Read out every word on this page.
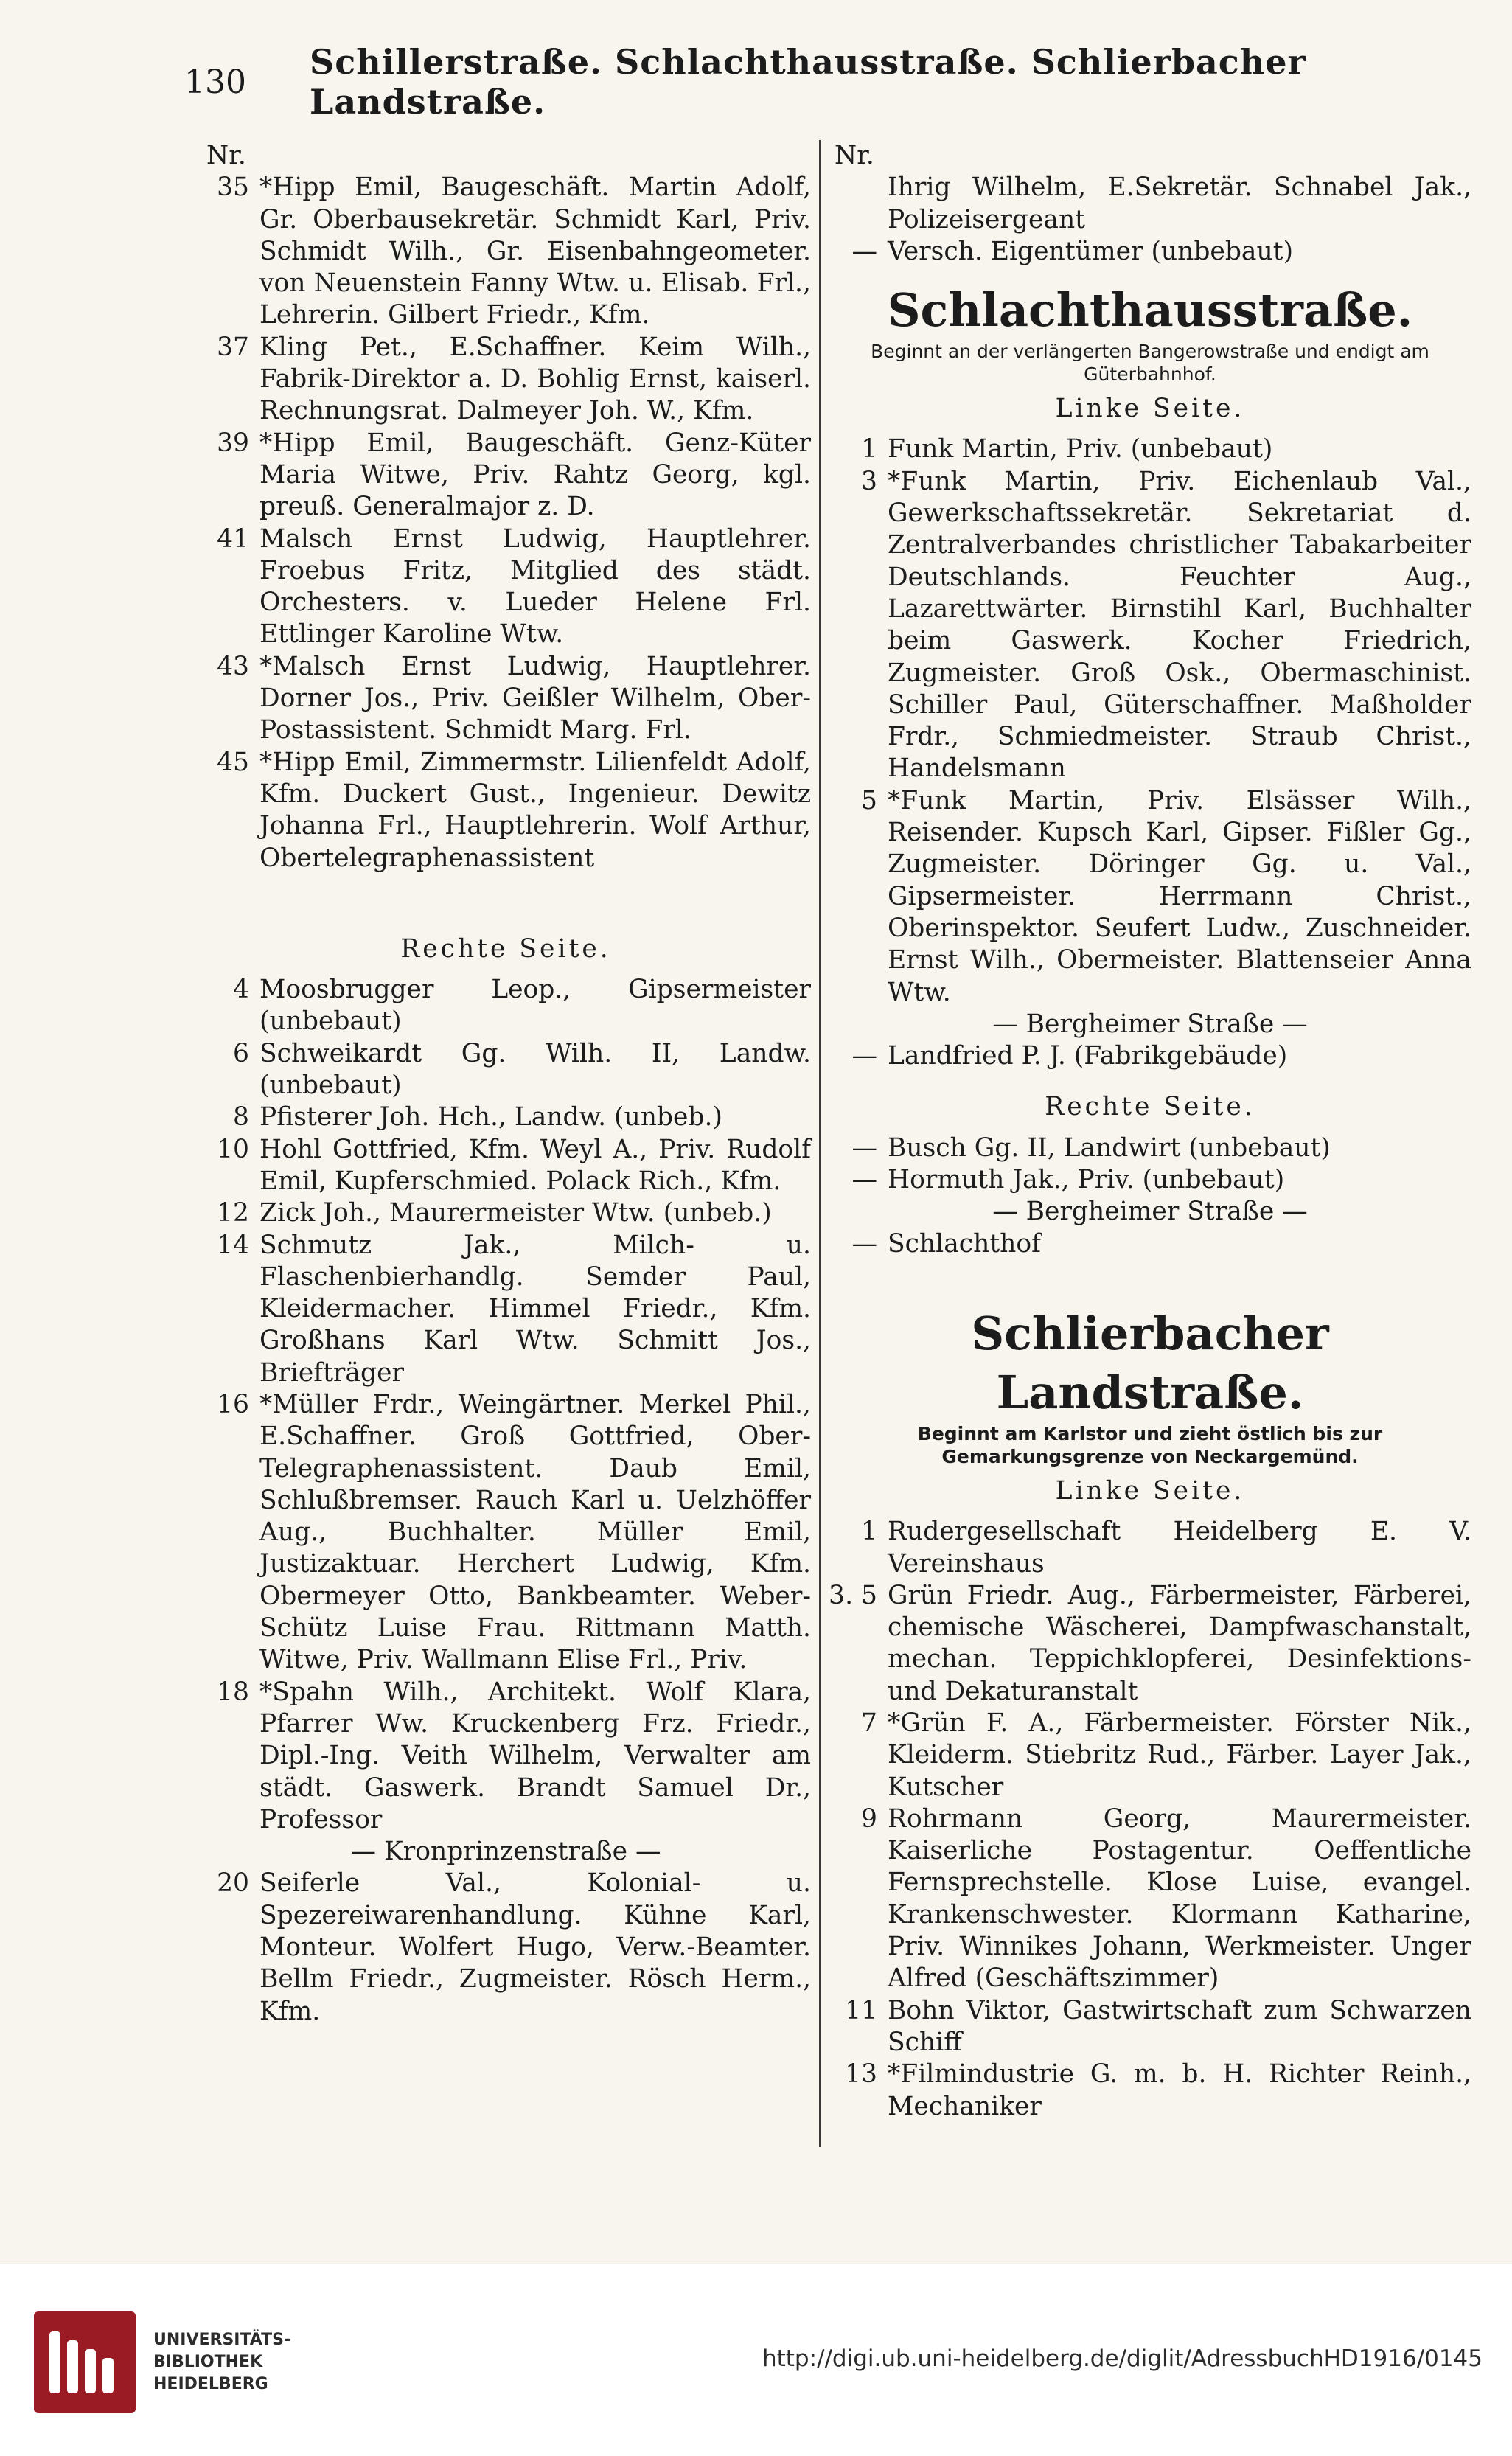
130	Schillerstraße. Schlachthausstraße. Schlierbacher Landstraße.
Nr.
35 *Hipp Emil, Baugeschäft. Martin Adolf, Gr. Oberbausekretär. Schmidt Karl, Priv. Schmidt Wilh., Gr. Eisenbahngeometer. von Neuenstein Fanny Wtw. u. Elisab. Frl., Lehrerin. Gilbert Friedr., Kfm.
37 Kling Pet., E.Schaffner. Keim Wilh., Fabrik-Direktor a. D. Bohlig Ernst, kaiserl. Rechnungsrat. Dalmeyer Joh. W., Kfm.
39 *Hipp Emil, Baugeschäft. Genz-Küter Maria Witwe, Priv. Rahtz Georg, kgl. preuß. Generalmajor z. D.
41 Malsch Ernst Ludwig, Hauptlehrer. Froebus Fritz, Mitglied des städt. Orchesters. v. Lueder Helene Frl. Ettlinger Karoline Wtw.
43 *Malsch Ernst Ludwig, Hauptlehrer. Dorner Jos., Priv. Geißler Wilhelm, Ober-Postassistent. Schmidt Marg. Frl.
45 *Hipp Emil, Zimmermstr. Lilienfeldt Adolf, Kfm. Duckert Gust., Ingenieur. Dewitz Johanna Frl., Hauptlehrerin. Wolf Arthur, Obertelegraphenassistent
Rechte Seite.
4 Moosbrugger Leop., Gipsermeister (unbebaut)
6 Schweikardt Gg. Wilh. II, Landw. (unbebaut)
8 Pfisterer Joh. Hch., Landw. (unbeb.)
10 Hohl Gottfried, Kfm. Weyl A., Priv. Rudolf Emil, Kupferschmied. Polack Rich., Kfm.
12 Zick Joh., Maurermeister Wtw. (unbeb.)
14 Schmutz Jak., Milch- u. Flaschenbierhandlg. Semder Paul, Kleidermacher. Himmel Friedr., Kfm. Großhans Karl Wtw. Schmitt Jos., Briefträger
16 *Müller Frdr., Weingärtner. Merkel Phil., E.Schaffner. Groß Gottfried, Ober-Telegraphenassistent. Daub Emil, Schlußbremser. Rauch Karl u. Uelzhöffer Aug., Buchhalter. Müller Emil, Justizaktuar. Herchert Ludwig, Kfm. Obermeyer Otto, Bankbeamter. Weber-Schütz Luise Frau. Rittmann Matth. Witwe, Priv. Wallmann Elise Frl., Priv.
18 *Spahn Wilh., Architekt. Wolf Klara, Pfarrer Ww. Kruckenberg Frz. Friedr., Dipl.-Ing. Veith Wilhelm, Verwalter am städt. Gaswerk. Brandt Samuel Dr., Professor
— Kronprinzenstraße —
20 Seiferle Val., Kolonial- u. Spezereiwarenhandlung. Kühne Karl, Monteur. Wolfert Hugo, Verw.-Beamter. Bellm Friedr., Zugmeister. Rösch Herm., Kfm.
Nr.
Ihrig Wilhelm, E.Sekretär. Schnabel Jak., Polizeisergeant
— Versch. Eigentümer (unbebaut)
Schlachthausstraße.
Beginnt an der verlängerten Bangerowstraße und endigt am Güterbahnhof.
Linke Seite.
1 Funk Martin, Priv. (unbebaut)
3 *Funk Martin, Priv. Eichenlaub Val., Gewerkschaftssekretär. Sekretariat d. Zentralverbandes christlicher Tabakarbeiter Deutschlands. Feuchter Aug., Lazarettwärter. Birnstihl Karl, Buchhalter beim Gaswerk. Kocher Friedrich, Zugmeister. Groß Osk., Obermaschinist. Schiller Paul, Güterschaffner. Maßholder Frdr., Schmiedmeister. Straub Christ., Handelsmann
5 *Funk Martin, Priv. Elsässer Wilh., Reisender. Kupsch Karl, Gipser. Fißler Gg., Zugmeister. Döringer Gg. u. Val., Gipsermeister. Herrmann Christ., Oberinspektor. Seufert Ludw., Zuschneider. Ernst Wilh., Obermeister. Blattenseier Anna Wtw.
— Bergheimer Straße —
— Landfried P. J. (Fabrikgebäude)
Rechte Seite.
— Busch Gg. II, Landwirt (unbebaut)
— Hormuth Jak., Priv. (unbebaut)
— Bergheimer Straße —
— Schlachthof
Schlierbacher Landstraße.
Beginnt am Karlstor und zieht östlich bis zur Gemarkungsgrenze von Neckargemünd.
Linke Seite.
1 Rudergesellschaft Heidelberg E. V. Vereinshaus
3. 5 Grün Friedr. Aug., Färbermeister, Färberei, chemische Wäscherei, Dampfwaschanstalt, mechan. Teppichklopferei, Desinfektions- und Dekaturanstalt
7 *Grün F. A., Färbermeister. Förster Nik., Kleiderm. Stiebritz Rud., Färber. Layer Jak., Kutscher
9 Rohrmann Georg, Maurermeister. Kaiserliche Postagentur. Oeffentliche Fernsprechstelle. Klose Luise, evangel. Krankenschwester. Klormann Katharine, Priv. Winnikes Johann, Werkmeister. Unger Alfred (Geschäftszimmer)
11 Bohn Viktor, Gastwirtschaft zum Schwarzen Schiff
13 *Filmindustrie G. m. b. H. Richter Reinh., Mechaniker
UNIVERSITÄTS-
BIBLIOTHEK
HEIDELBERG
http://digi.ub.uni-heidelberg.de/diglit/AdressbuchHD1916/0145
